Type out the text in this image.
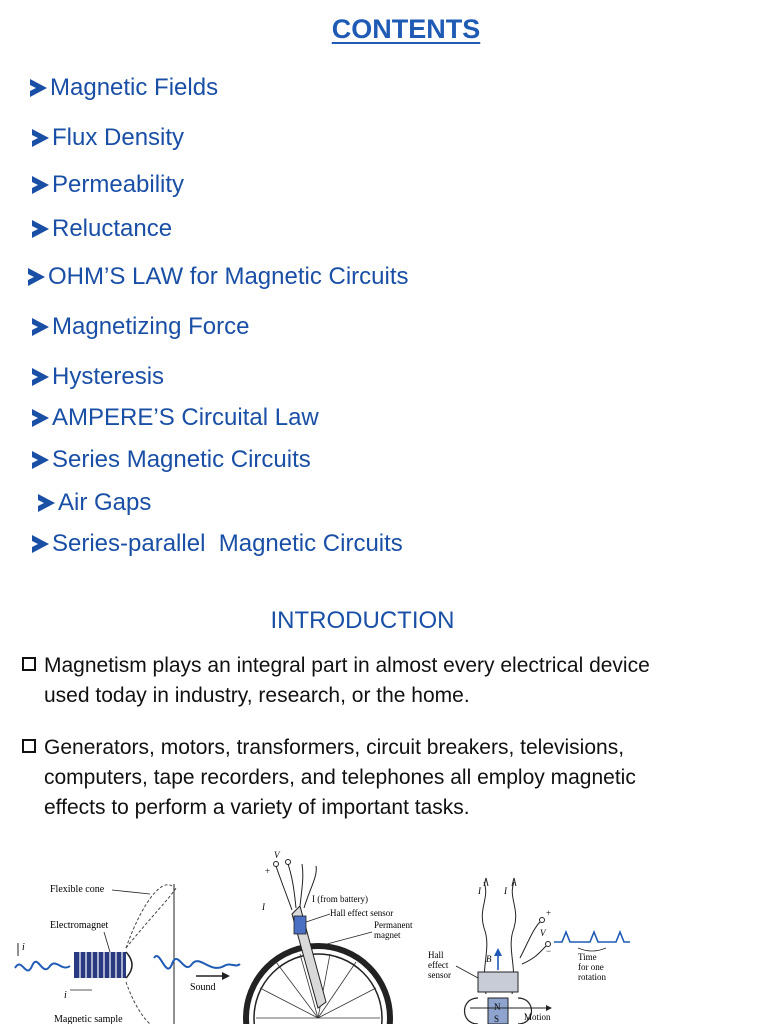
CONTENTS
Magnetic Fields
Flux Density
Permeability
Reluctance
OHM’S LAW for Magnetic Circuits
Magnetizing Force
Hysteresis
AMPERE’S Circuital Law
Series Magnetic Circuits
Air Gaps
Series-parallel  Magnetic Circuits
INTRODUCTION
Magnetism plays an integral part in almost every electrical device
used today in industry, research, or the home.
Generators, motors, transformers, circuit breakers, televisions,
computers, tape recorders, and telephones all employ magnetic
effects to perform a variety of important tasks.
i
Flexible cone
Electromagnet
Sound
i
Magnetic sample
V
+
I
I (from battery)
Hall effect sensor
Permanent
magnet
I	I
+
V
−
Time
for one
rotation
B
N
S
Hall
effect
sensor
Motion
